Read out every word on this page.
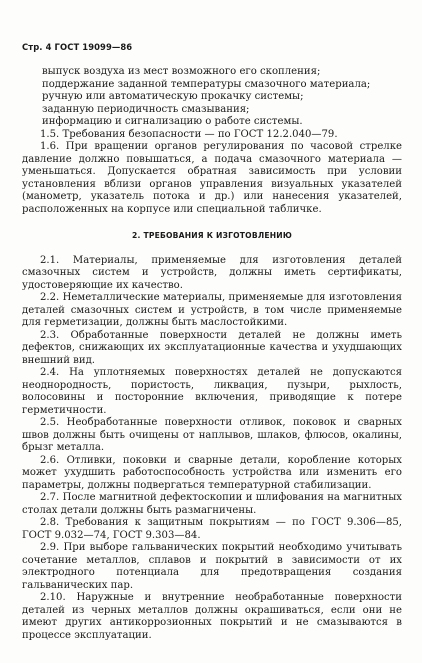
Стр. 4 ГОСТ 19099—86

выпуск воздуха из мест возможного его скопления;

поддержание заданной температуры смазочного материала;

ручную или автоматическую прокачку системы;

заданную периодичность смазывания;

информацию и сигнализацию о работе системы.

1.5. Требования безопасности — по ГОСТ 12.2.040—79.

1.6. При вращении органов регулирования по часовой стрелке давление должно повышаться, а подача смазочного материала — уменьшаться. Допускается обратная зависимость при условии установления вблизи органов управления визуальных указателей (манометр, указатель потока и др.) или нанесения указателей, расположенных на корпусе или специальной табличке.

2. ТРЕБОВАНИЯ К ИЗГОТОВЛЕНИЮ

2.1. Материалы, применяемые для изготовления деталей смазочных систем и устройств, должны иметь сертификаты, удостоверяющие их качество.

2.2. Неметаллические материалы, применяемые для изготовления деталей смазочных систем и устройств, в том числе применяемые для герметизации, должны быть маслостойкими.

2.3. Обработанные поверхности деталей не должны иметь дефектов, снижающих их эксплуатационные качества и ухудшающих внешний вид.

2.4. На уплотняемых поверхностях деталей не допускаются неоднородность, пористость, ликвация, пузыри, рыхлость, волосовины и посторонние включения, приводящие к потере герметичности.

2.5. Необработанные поверхности отливок, поковок и сварных швов должны быть очищены от наплывов, шлаков, флюсов, окалины, брызг металла.

2.6. Отливки, поковки и сварные детали, коробление которых может ухудшить работоспособность устройства или изменить его параметры, должны подвергаться температурной стабилизации.

2.7. После магнитной дефектоскопии и шлифования на магнитных столах детали должны быть размагничены.

2.8. Требования к защитным покрытиям — по ГОСТ 9.306—85, ГОСТ 9.032—74, ГОСТ 9.303—84.

2.9. При выборе гальванических покрытий необходимо учитывать сочетание металлов, сплавов и покрытий в зависимости от их электродного потенциала для предотвращения создания гальванических пар.

2.10. Наружные и внутренние необработанные поверхности деталей из черных металлов должны окрашиваться, если они не имеют других антикоррозионных покрытий и не смазываются в процессе эксплуатации.
